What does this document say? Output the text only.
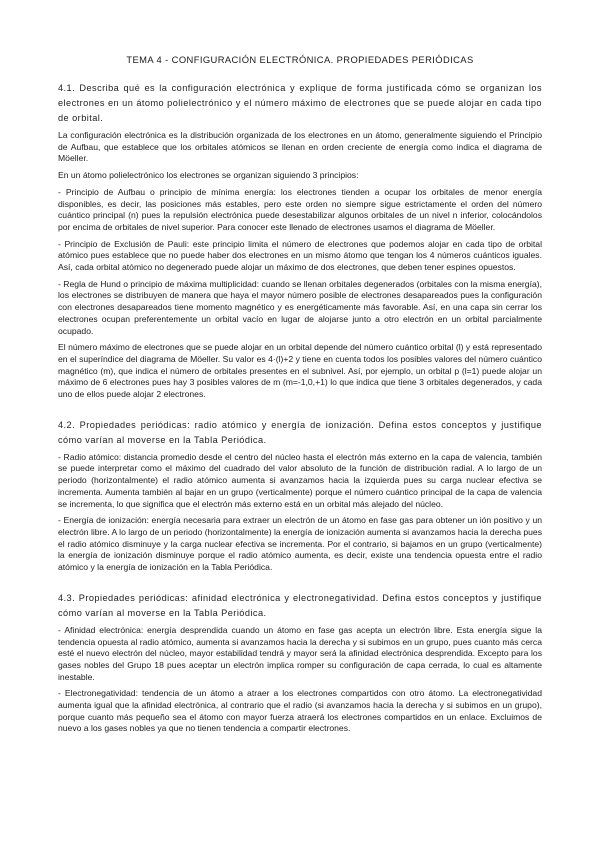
TEMA 4 - CONFIGURACIÓN ELECTRÓNICA. PROPIEDADES PERIÓDICAS

4.1. Describa qué es la configuración electrónica y explique de forma justificada cómo se organizan los electrones en un átomo polielectrónico y el número máximo de electrones que se puede alojar en cada tipo de orbital.

La configuración electrónica es la distribución organizada de los electrones en un átomo, generalmente siguiendo el Principio de Aufbau, que establece que los orbitales atómicos se llenan en orden creciente de energía como indica el diagrama de Möeller.

En un átomo polielectrónico los electrones se organizan siguiendo 3 principios:

- Principio de Aufbau o principio de mínima energía: los electrones tienden a ocupar los orbitales de menor energía disponibles, es decir, las posiciones más estables, pero este orden no siempre sigue estrictamente el orden del número cuántico principal (n) pues la repulsión electrónica puede desestabilizar algunos orbitales de un nivel n inferior, colocándolos por encima de orbitales de nivel superior. Para conocer este llenado de electrones usamos el diagrama de Möeller.

- Principio de Exclusión de Pauli: este principio limita el número de electrones que podemos alojar en cada tipo de orbital atómico pues establece que no puede haber dos electrones en un mismo átomo que tengan los 4 números cuánticos iguales. Así, cada orbital atómico no degenerado puede alojar un máximo de dos electrones, que deben tener espines opuestos.

- Regla de Hund o principio de máxima multiplicidad: cuando se llenan orbitales degenerados (orbitales con la misma energía), los electrones se distribuyen de manera que haya el mayor número posible de electrones desapareados pues la configuración con electrones desapareados tiene momento magnético y es energéticamente más favorable. Así, en una capa sin cerrar los electrones ocupan preferentemente un orbital vacío en lugar de alojarse junto a otro electrón en un orbital parcialmente ocupado.

El número máximo de electrones que se puede alojar en un orbital depende del número cuántico orbital (l) y está representado en el superíndice del diagrama de Möeller. Su valor es 4·(l)+2 y tiene en cuenta todos los posibles valores del número cuántico magnético (m), que indica el número de orbitales presentes en el subnivel. Así, por ejemplo, un orbital p (l=1) puede alojar un máximo de 6 electrones pues hay 3 posibles valores de m (m=-1,0,+1) lo que indica que tiene 3 orbitales degenerados, y cada uno de ellos puede alojar 2 electrones.

4.2. Propiedades periódicas: radio atómico y energía de ionización. Defina estos conceptos y justifique cómo varían al moverse en la Tabla Periódica.

- Radio atómico: distancia promedio desde el centro del núcleo hasta el electrón más externo en la capa de valencia, también se puede interpretar como el máximo del cuadrado del valor absoluto de la función de distribución radial. A lo largo de un periodo (horizontalmente) el radio atómico aumenta si avanzamos hacia la izquierda pues su carga nuclear efectiva se incrementa. Aumenta también al bajar en un grupo (verticalmente) porque el número cuántico principal de la capa de valencia se incrementa, lo que significa que el electrón más externo está en un orbital más alejado del núcleo.

- Energía de ionización: energía necesaria para extraer un electrón de un átomo en fase gas para obtener un ión positivo y un electrón libre. A lo largo de un periodo (horizontalmente) la energía de ionización aumenta si avanzamos hacia la derecha pues el radio atómico disminuye y la carga nuclear efectiva se incrementa. Por el contrario, si bajamos en un grupo (verticalmente) la energía de ionización disminuye porque el radio atómico aumenta, es decir, existe una tendencia opuesta entre el radio atómico y la energía de ionización en la Tabla Periódica.

4.3. Propiedades periódicas: afinidad electrónica y electronegatividad. Defina estos conceptos y justifique cómo varían al moverse en la Tabla Periódica.

- Afinidad electrónica: energía desprendida cuando un átomo en fase gas acepta un electrón libre. Esta energía sigue la tendencia opuesta al radio atómico, aumenta si avanzamos hacia la derecha y si subimos en un grupo, pues cuanto más cerca esté el nuevo electrón del núcleo, mayor estabilidad tendrá y mayor será la afinidad electrónica desprendida. Excepto para los gases nobles del Grupo 18 pues aceptar un electrón implica romper su configuración de capa cerrada, lo cual es altamente inestable.

- Electronegatividad: tendencia de un átomo a atraer a los electrones compartidos con otro átomo. La electronegatividad aumenta igual que la afinidad electrónica, al contrario que el radio (si avanzamos hacia la derecha y si subimos en un grupo), porque cuanto más pequeño sea el átomo con mayor fuerza atraerá los electrones compartidos en un enlace. Excluimos de nuevo a los gases nobles ya que no tienen tendencia a compartir electrones.
